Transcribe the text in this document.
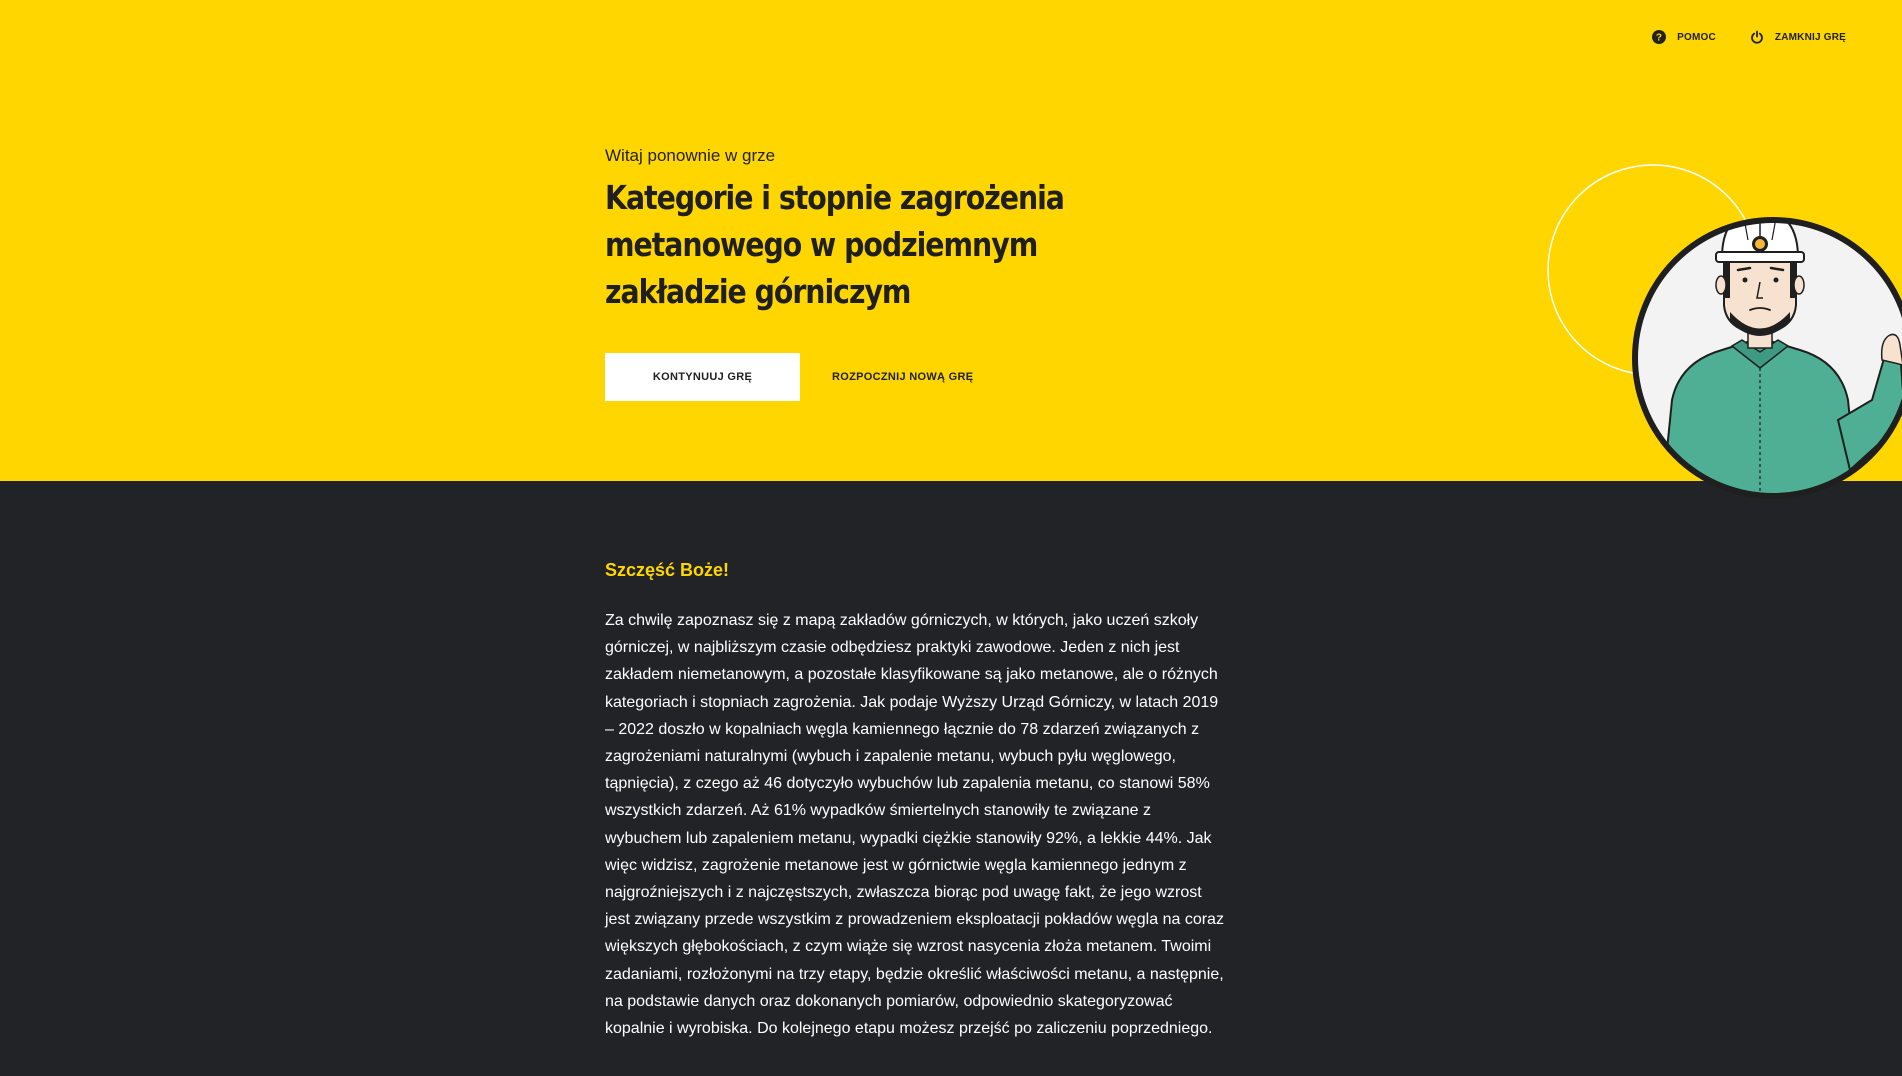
? POMOC	ZAMKNIJ GRĘ
Witaj ponownie w grze
Kategorie i stopnie zagrożenia metanowego w podziemnym zakładzie górniczym
KONTYNUUJ GRĘ	ROZPOCZNIJ NOWĄ GRĘ
Szczęść Boże!

Za chwilę zapoznasz się z mapą zakładów górniczych, w których, jako uczeń szkoły górniczej, w najbliższym czasie odbędziesz praktyki zawodowe. Jeden z nich jest zakładem niemetanowym, a pozostałe klasyfikowane są jako metanowe, ale o różnych kategoriach i stopniach zagrożenia. Jak podaje Wyższy Urząd Górniczy, w latach 2019 – 2022 doszło w kopalniach węgla kamiennego łącznie do 78 zdarzeń związanych z zagrożeniami naturalnymi (wybuch i zapalenie metanu, wybuch pyłu węglowego, tąpnięcia), z czego aż 46 dotyczyło wybuchów lub zapalenia metanu, co stanowi 58% wszystkich zdarzeń. Aż 61% wypadków śmiertelnych stanowiły te związane z wybuchem lub zapaleniem metanu, wypadki ciężkie stanowiły 92%, a lekkie 44%. Jak więc widzisz, zagrożenie metanowe jest w górnictwie węgla kamiennego jednym z najgroźniejszych i z najczęstszych, zwłaszcza biorąc pod uwagę fakt, że jego wzrost jest związany przede wszystkim z prowadzeniem eksploatacji pokładów węgla na coraz większych głębokościach, z czym wiąże się wzrost nasycenia złoża metanem. Twoimi zadaniami, rozłożonymi na trzy etapy, będzie określić właściwości metanu, a następnie, na podstawie danych oraz dokonanych pomiarów, odpowiednio skategoryzować kopalnie i wyrobiska. Do kolejnego etapu możesz przejść po zaliczeniu poprzedniego.
